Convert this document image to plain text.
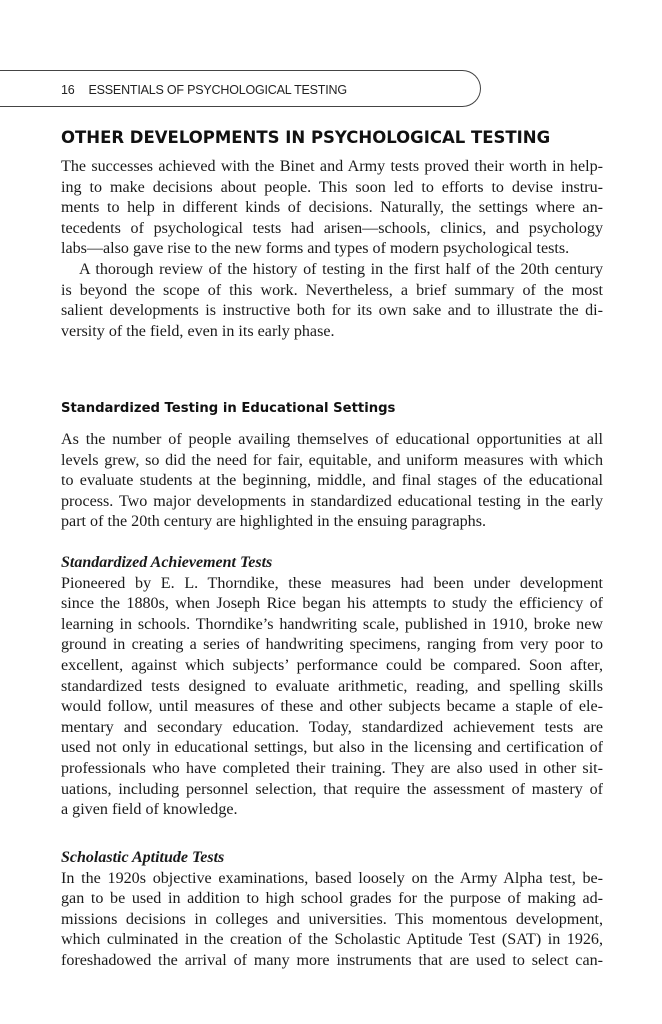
16 ESSENTIALS OF PSYCHOLOGICAL TESTING
OTHER DEVELOPMENTS IN PSYCHOLOGICAL TESTING
The successes achieved with the Binet and Army tests proved their worth in help-
ing to make decisions about people. This soon led to efforts to devise instru-
ments to help in different kinds of decisions. Naturally, the settings where an-
tecedents of psychological tests had arisen—schools, clinics, and psychology
labs—also gave rise to the new forms and types of modern psychological tests.
A thorough review of the history of testing in the first half of the 20th century
is beyond the scope of this work. Nevertheless, a brief summary of the most
salient developments is instructive both for its own sake and to illustrate the di-
versity of the field, even in its early phase.
Standardized Testing in Educational Settings
As the number of people availing themselves of educational opportunities at all
levels grew, so did the need for fair, equitable, and uniform measures with which
to evaluate students at the beginning, middle, and final stages of the educational
process. Two major developments in standardized educational testing in the early
part of the 20th century are highlighted in the ensuing paragraphs.
Standardized Achievement Tests
Pioneered by E. L. Thorndike, these measures had been under development
since the 1880s, when Joseph Rice began his attempts to study the efficiency of
learning in schools. Thorndike’s handwriting scale, published in 1910, broke new
ground in creating a series of handwriting specimens, ranging from very poor to
excellent, against which subjects’ performance could be compared. Soon after,
standardized tests designed to evaluate arithmetic, reading, and spelling skills
would follow, until measures of these and other subjects became a staple of ele-
mentary and secondary education. Today, standardized achievement tests are
used not only in educational settings, but also in the licensing and certification of
professionals who have completed their training. They are also used in other sit-
uations, including personnel selection, that require the assessment of mastery of
a given field of knowledge.
Scholastic Aptitude Tests
In the 1920s objective examinations, based loosely on the Army Alpha test, be-
gan to be used in addition to high school grades for the purpose of making ad-
missions decisions in colleges and universities. This momentous development,
which culminated in the creation of the Scholastic Aptitude Test (SAT) in 1926,
foreshadowed the arrival of many more instruments that are used to select can-
